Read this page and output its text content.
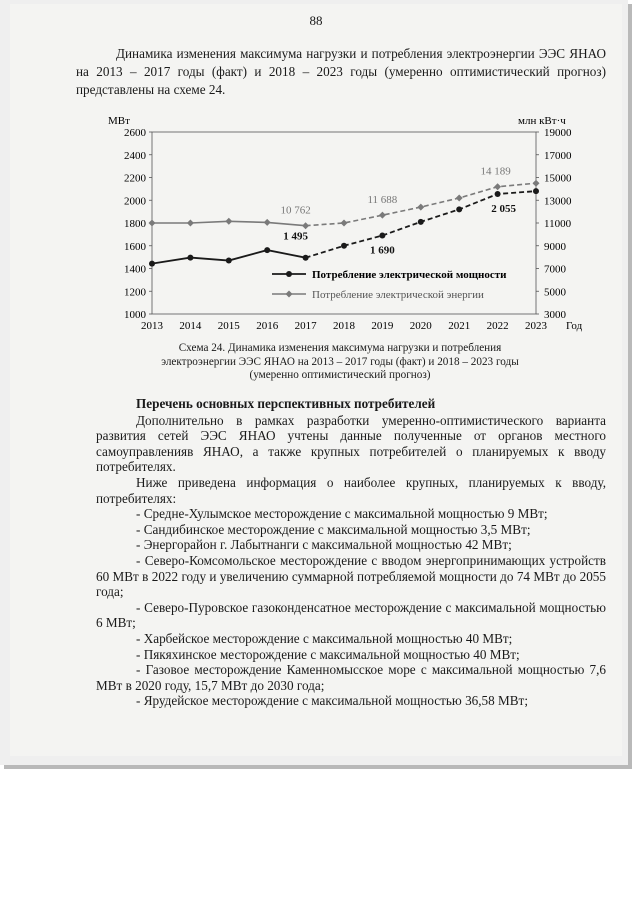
88

Динамика изменения максимума нагрузки и потребления электроэнергии ЭЭС ЯНАО на 2013 – 2017 годы (факт) и 2018 – 2023 годы (умеренно оптимистический прогноз) представлены на схеме 24.

1000
1200
1400
1600
1800
2000
2200
2400
2600
3000
5000
7000
9000
11000
13000
15000
17000
19000
2013 2014 2015 2016 2017 2018 2019 2020 2021 2022 2023
МВт	млн кВт·ч
Год
10 762
11 688
14 189
1 495
1 690
2 055
Потребление электрической мощности
Потребление электрической энергии
Схема 24. Динамика изменения максимума нагрузки и потребления
электроэнергии ЭЭС ЯНАО на 2013 – 2017 годы (факт) и 2018 – 2023 годы
(умеренно оптимистический прогноз)

Перечень основных перспективных потребителей

Дополнительно в рамках разработки умеренно-оптимистического варианта развития сетей ЭЭС ЯНАО учтены данные полученные от органов местного самоуправленияв ЯНАО, а также крупных потребителей о планируемых к вводу потребителях.

Ниже приведена информация о наиболее крупных, планируемых к вводу, потребителях:

- Средне-Хулымское месторождение с максимальной мощностью 9 МВт;

- Сандибинское месторождение с максимальной мощностью 3,5 МВт;

- Энергорайон г. Лабытнанги с максимальной мощностью 42 МВт;

- Северо-Комсомольское месторождение с вводом энергопринимающих устройств 60 МВт в 2022 году и увеличению суммарной потребляемой мощности до 74 МВт до 2055 года;

- Северо-Пуровское газоконденсатное месторождение с максимальной мощностью 6 МВт;

- Харбейское месторождение с максимальной мощностью 40 МВт;

- Пякяхинское месторождение с максимальной мощностью 40 МВт;

- Газовое месторождение Каменномысское море с максимальной мощностью 7,6 МВт в 2020 году, 15,7 МВт до 2030 года;

- Ярудейское месторождение с максимальной мощностью 36,58 МВт;
